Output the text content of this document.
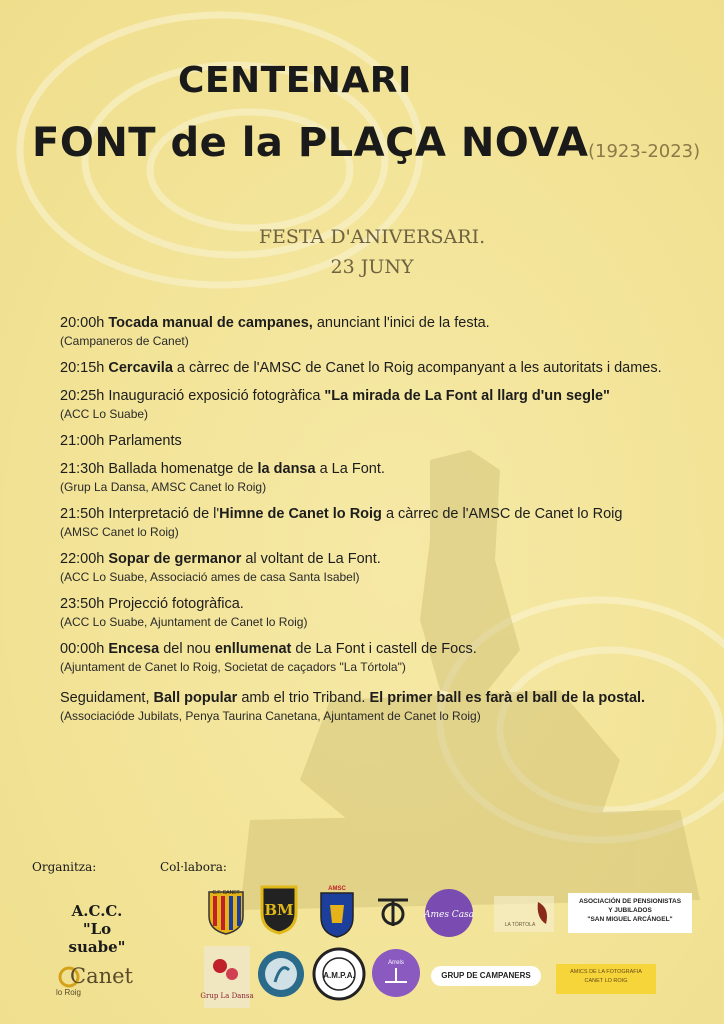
CENTENARI
FONT de la PLAÇA NOVA (1923-2023)
FESTA D'ANIVERSARI.
23 JUNY
20:00h Tocada manual de campanes, anunciant l'inici de la festa.
(Campaneros de Canet)
20:15h Cercavila a càrrec de l'AMSC de Canet lo Roig acompanyant a les autoritats i dames.
20:25h Inauguració exposició fotogràfica "La mirada de La Font al llarg d'un segle"
(ACC Lo Suabe)
21:00h Parlaments
21:30h Ballada homenatge de la dansa a La Font.
(Grup La Dansa, AMSC Canet lo Roig)
21:50h Interpretació de l'Himne de Canet lo Roig a càrrec de l'AMSC de Canet lo Roig
(AMSC Canet lo Roig)
22:00h Sopar de germanor al voltant de La Font.
(ACC Lo Suabe, Associació ames de casa Santa Isabel)
23:50h Projecció fotogràfica.
(ACC Lo Suabe, Ajuntament de Canet lo Roig)
00:00h Encesa del nou enllumenat de La Font i castell de Focs.
(Ajuntament de Canet lo Roig, Societat de caçadors "La Tórtola")
Seguidament, Ball popular amb el trio Triband. El primer ball es farà el ball de la postal.
(Associacióde Jubilats, Penya Taurina Canetana, Ajuntament de Canet lo Roig)
Organitza:	Col·labora:
A.C.C.
"Lo suabe"
Canet
lo Roig
C.F. CANET
BM
AMSC
Ames Casa
LA TÓRTOLA
ASOCIACIÓN DE PENSIONISTAS
Y JUBILADOS
"SAN MIGUEL ARCÁNGEL"
Grup La Dansa
A.M.P.A.
Arrels
GRUP DE CAMPANERS	AMICS DE LA FOTOGRAFIA
CANET LO ROIG
